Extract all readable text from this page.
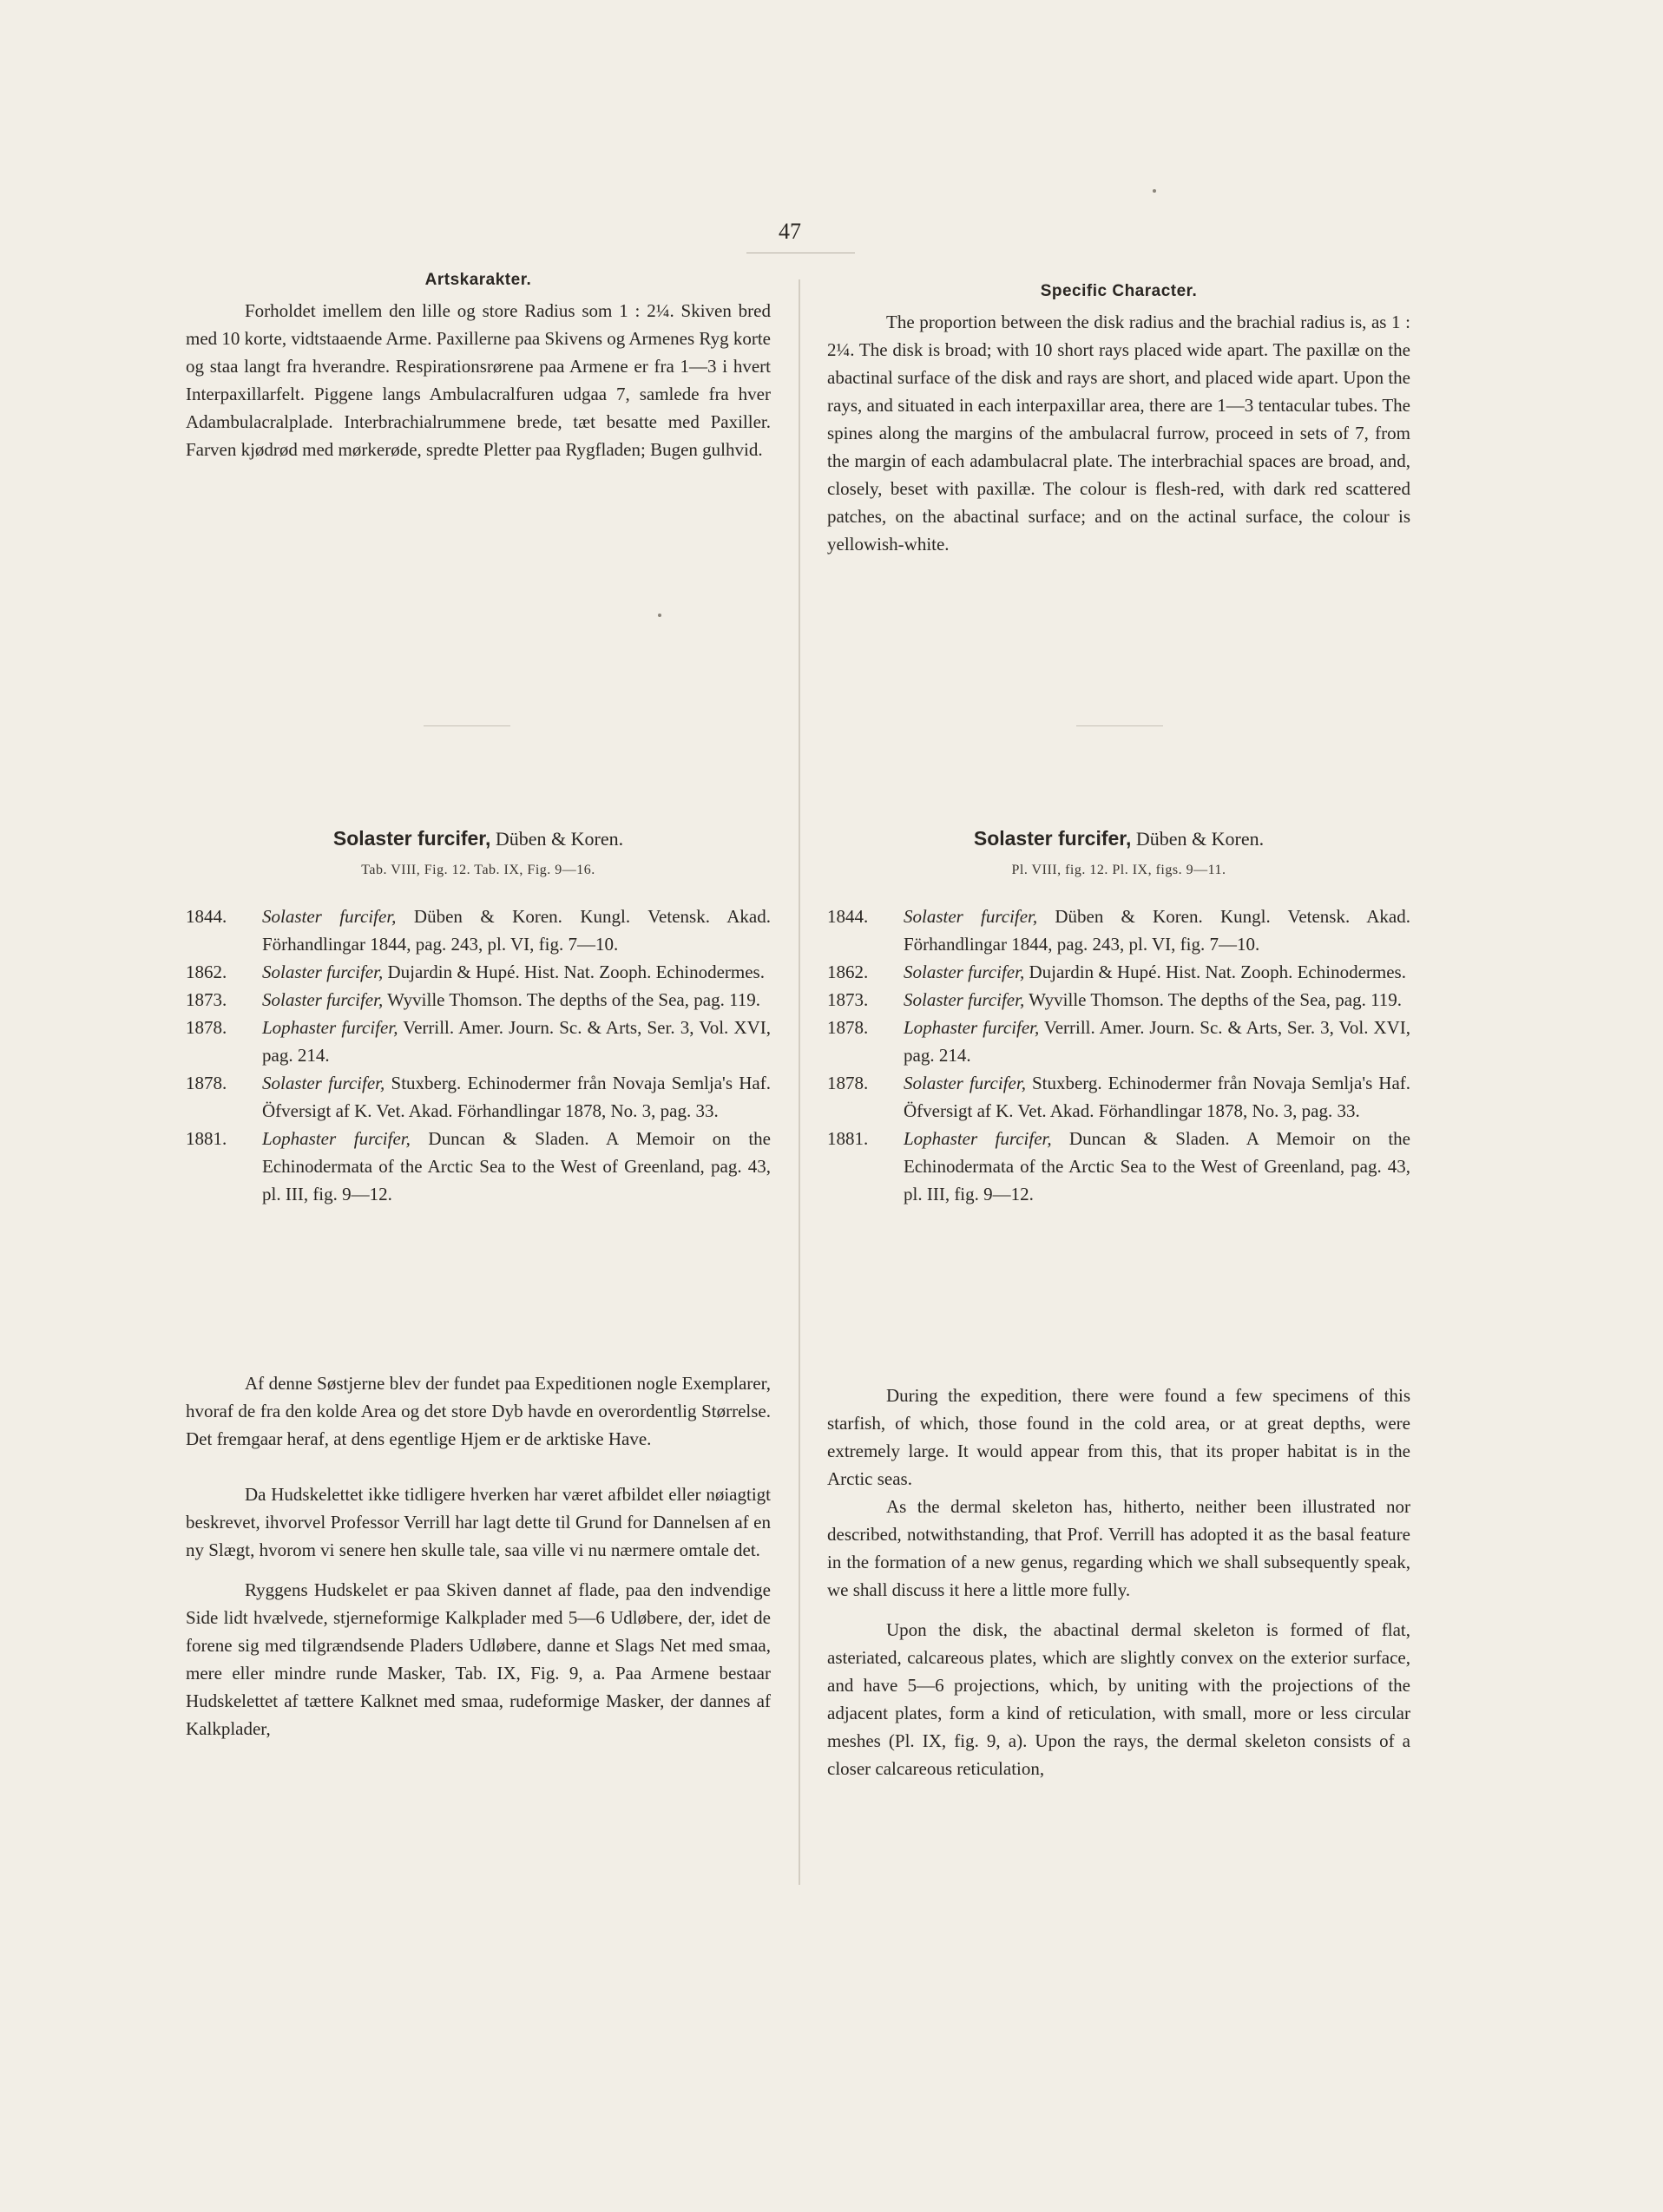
47
Artskarakter.

Forholdet imellem den lille og store Radius som 1 : 2¼. Skiven bred med 10 korte, vidtstaaende Arme. Paxillerne paa Skivens og Armenes Ryg korte og staa langt fra hverandre. Respirationsrørene paa Armene er fra 1—3 i hvert Interpaxillarfelt. Piggene langs Ambulacralfuren udgaa 7, samlede fra hver Adambulacralplade. Interbrachialrummene brede, tæt besatte med Paxiller. Farven kjødrød med mørkerøde, spredte Pletter paa Rygfladen; Bugen gulhvid.

Solaster furcifer, Düben & Koren.
Tab. VIII, Fig. 12. Tab. IX, Fig. 9—16.
1844.	Solaster furcifer, Düben & Koren. Kungl. Vetensk. Akad. Förhandlingar 1844, pag. 243, pl. VI, fig. 7—10.
1862.	Solaster furcifer, Dujardin & Hupé. Hist. Nat. Zooph. Echinodermes.
1873.	Solaster furcifer, Wyville Thomson. The depths of the Sea, pag. 119.
1878.	Lophaster furcifer, Verrill. Amer. Journ. Sc. & Arts, Ser. 3, Vol. XVI, pag. 214.
1878.	Solaster furcifer, Stuxberg. Echinodermer från Novaja Semlja's Haf. Öfversigt af K. Vet. Akad. Förhandlingar 1878, No. 3, pag. 33.
1881.	Lophaster furcifer, Duncan & Sladen. A Memoir on the Echinodermata of the Arctic Sea to the West of Greenland, pag. 43, pl. III, fig. 9—12.

Af denne Søstjerne blev der fundet paa Expeditionen nogle Exemplarer, hvoraf de fra den kolde Area og det store Dyb havde en overordentlig Størrelse. Det fremgaar heraf, at dens egentlige Hjem er de arktiske Have.

Da Hudskelettet ikke tidligere hverken har været afbildet eller nøiagtigt beskrevet, ihvorvel Professor Verrill har lagt dette til Grund for Dannelsen af en ny Slægt, hvorom vi senere hen skulle tale, saa ville vi nu nærmere omtale det.

Ryggens Hudskelet er paa Skiven dannet af flade, paa den indvendige Side lidt hvælvede, stjerneformige Kalkplader med 5—6 Udløbere, der, idet de forene sig med tilgrændsende Pladers Udløbere, danne et Slags Net med smaa, mere eller mindre runde Masker, Tab. IX, Fig. 9, a. Paa Armene bestaar Hudskelettet af tættere Kalknet med smaa, rudeformige Masker, der dannes af Kalkplader,

Specific Character.

The proportion between the disk radius and the brachial radius is, as 1 : 2¼. The disk is broad; with 10 short rays placed wide apart. The paxillæ on the abactinal surface of the disk and rays are short, and placed wide apart. Upon the rays, and situated in each interpaxillar area, there are 1—3 tentacular tubes. The spines along the margins of the ambulacral furrow, proceed in sets of 7, from the margin of each adambulacral plate. The interbrachial spaces are broad, and, closely, beset with paxillæ. The colour is flesh-red, with dark red scattered patches, on the abactinal surface; and on the actinal surface, the colour is yellowish-white.

Solaster furcifer, Düben & Koren.
Pl. VIII, fig. 12. Pl. IX, figs. 9—11.
1844.	Solaster furcifer, Düben & Koren. Kungl. Vetensk. Akad. Förhandlingar 1844, pag. 243, pl. VI, fig. 7—10.
1862.	Solaster furcifer, Dujardin & Hupé. Hist. Nat. Zooph. Echinodermes.
1873.	Solaster furcifer, Wyville Thomson. The depths of the Sea, pag. 119.
1878.	Lophaster furcifer, Verrill. Amer. Journ. Sc. & Arts, Ser. 3, Vol. XVI, pag. 214.
1878.	Solaster furcifer, Stuxberg. Echinodermer från Novaja Semlja's Haf. Öfversigt af K. Vet. Akad. Förhandlingar 1878, No. 3, pag. 33.
1881.	Lophaster furcifer, Duncan & Sladen. A Memoir on the Echinodermata of the Arctic Sea to the West of Greenland, pag. 43, pl. III, fig. 9—12.

During the expedition, there were found a few specimens of this starfish, of which, those found in the cold area, or at great depths, were extremely large. It would appear from this, that its proper habitat is in the Arctic seas.

As the dermal skeleton has, hitherto, neither been illustrated nor described, notwithstanding, that Prof. Verrill has adopted it as the basal feature in the formation of a new genus, regarding which we shall subsequently speak, we shall discuss it here a little more fully.

Upon the disk, the abactinal dermal skeleton is formed of flat, asteriated, calcareous plates, which are slightly convex on the exterior surface, and have 5—6 projections, which, by uniting with the projections of the adjacent plates, form a kind of reticulation, with small, more or less circular meshes (Pl. IX, fig. 9, a). Upon the rays, the dermal skeleton consists of a closer calcareous reticulation,
